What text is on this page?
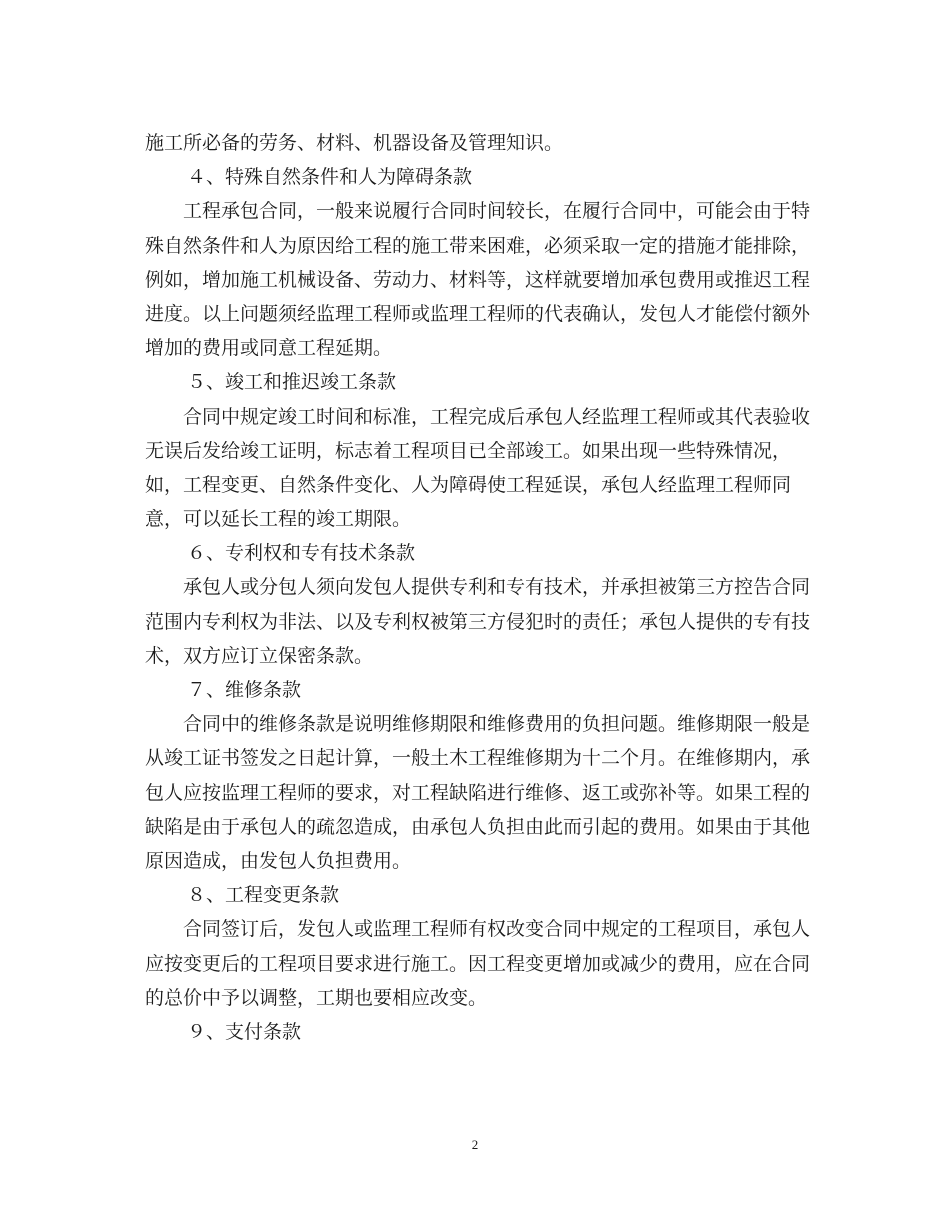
施工所必备的劳务、材料、机器设备及管理知识。
４、特殊自然条件和人为障碍条款
工程承包合同，一般来说履行合同时间较长，在履行合同中，可能会由于特
殊自然条件和人为原因给工程的施工带来困难，必须采取一定的措施才能排除，
例如，增加施工机械设备、劳动力、材料等，这样就要增加承包费用或推迟工程
进度。以上问题须经监理工程师或监理工程师的代表确认，发包人才能偿付额外
增加的费用或同意工程延期。
５、竣工和推迟竣工条款
合同中规定竣工时间和标准，工程完成后承包人经监理工程师或其代表验收
无误后发给竣工证明，标志着工程项目已全部竣工。如果出现一些特殊情况，
如，工程变更、自然条件变化、人为障碍使工程延误，承包人经监理工程师同
意，可以延长工程的竣工期限。
６、专利权和专有技术条款
承包人或分包人须向发包人提供专利和专有技术，并承担被第三方控告合同
范围内专利权为非法、以及专利权被第三方侵犯时的责任；承包人提供的专有技
术，双方应订立保密条款。
７、维修条款
合同中的维修条款是说明维修期限和维修费用的负担问题。维修期限一般是
从竣工证书签发之日起计算，一般土木工程维修期为十二个月。在维修期内，承
包人应按监理工程师的要求，对工程缺陷进行维修、返工或弥补等。如果工程的
缺陷是由于承包人的疏忽造成，由承包人负担由此而引起的费用。如果由于其他
原因造成，由发包人负担费用。
８、工程变更条款
合同签订后，发包人或监理工程师有权改变合同中规定的工程项目，承包人
应按变更后的工程项目要求进行施工。因工程变更增加或减少的费用，应在合同
的总价中予以调整，工期也要相应改变。
９、支付条款
2
